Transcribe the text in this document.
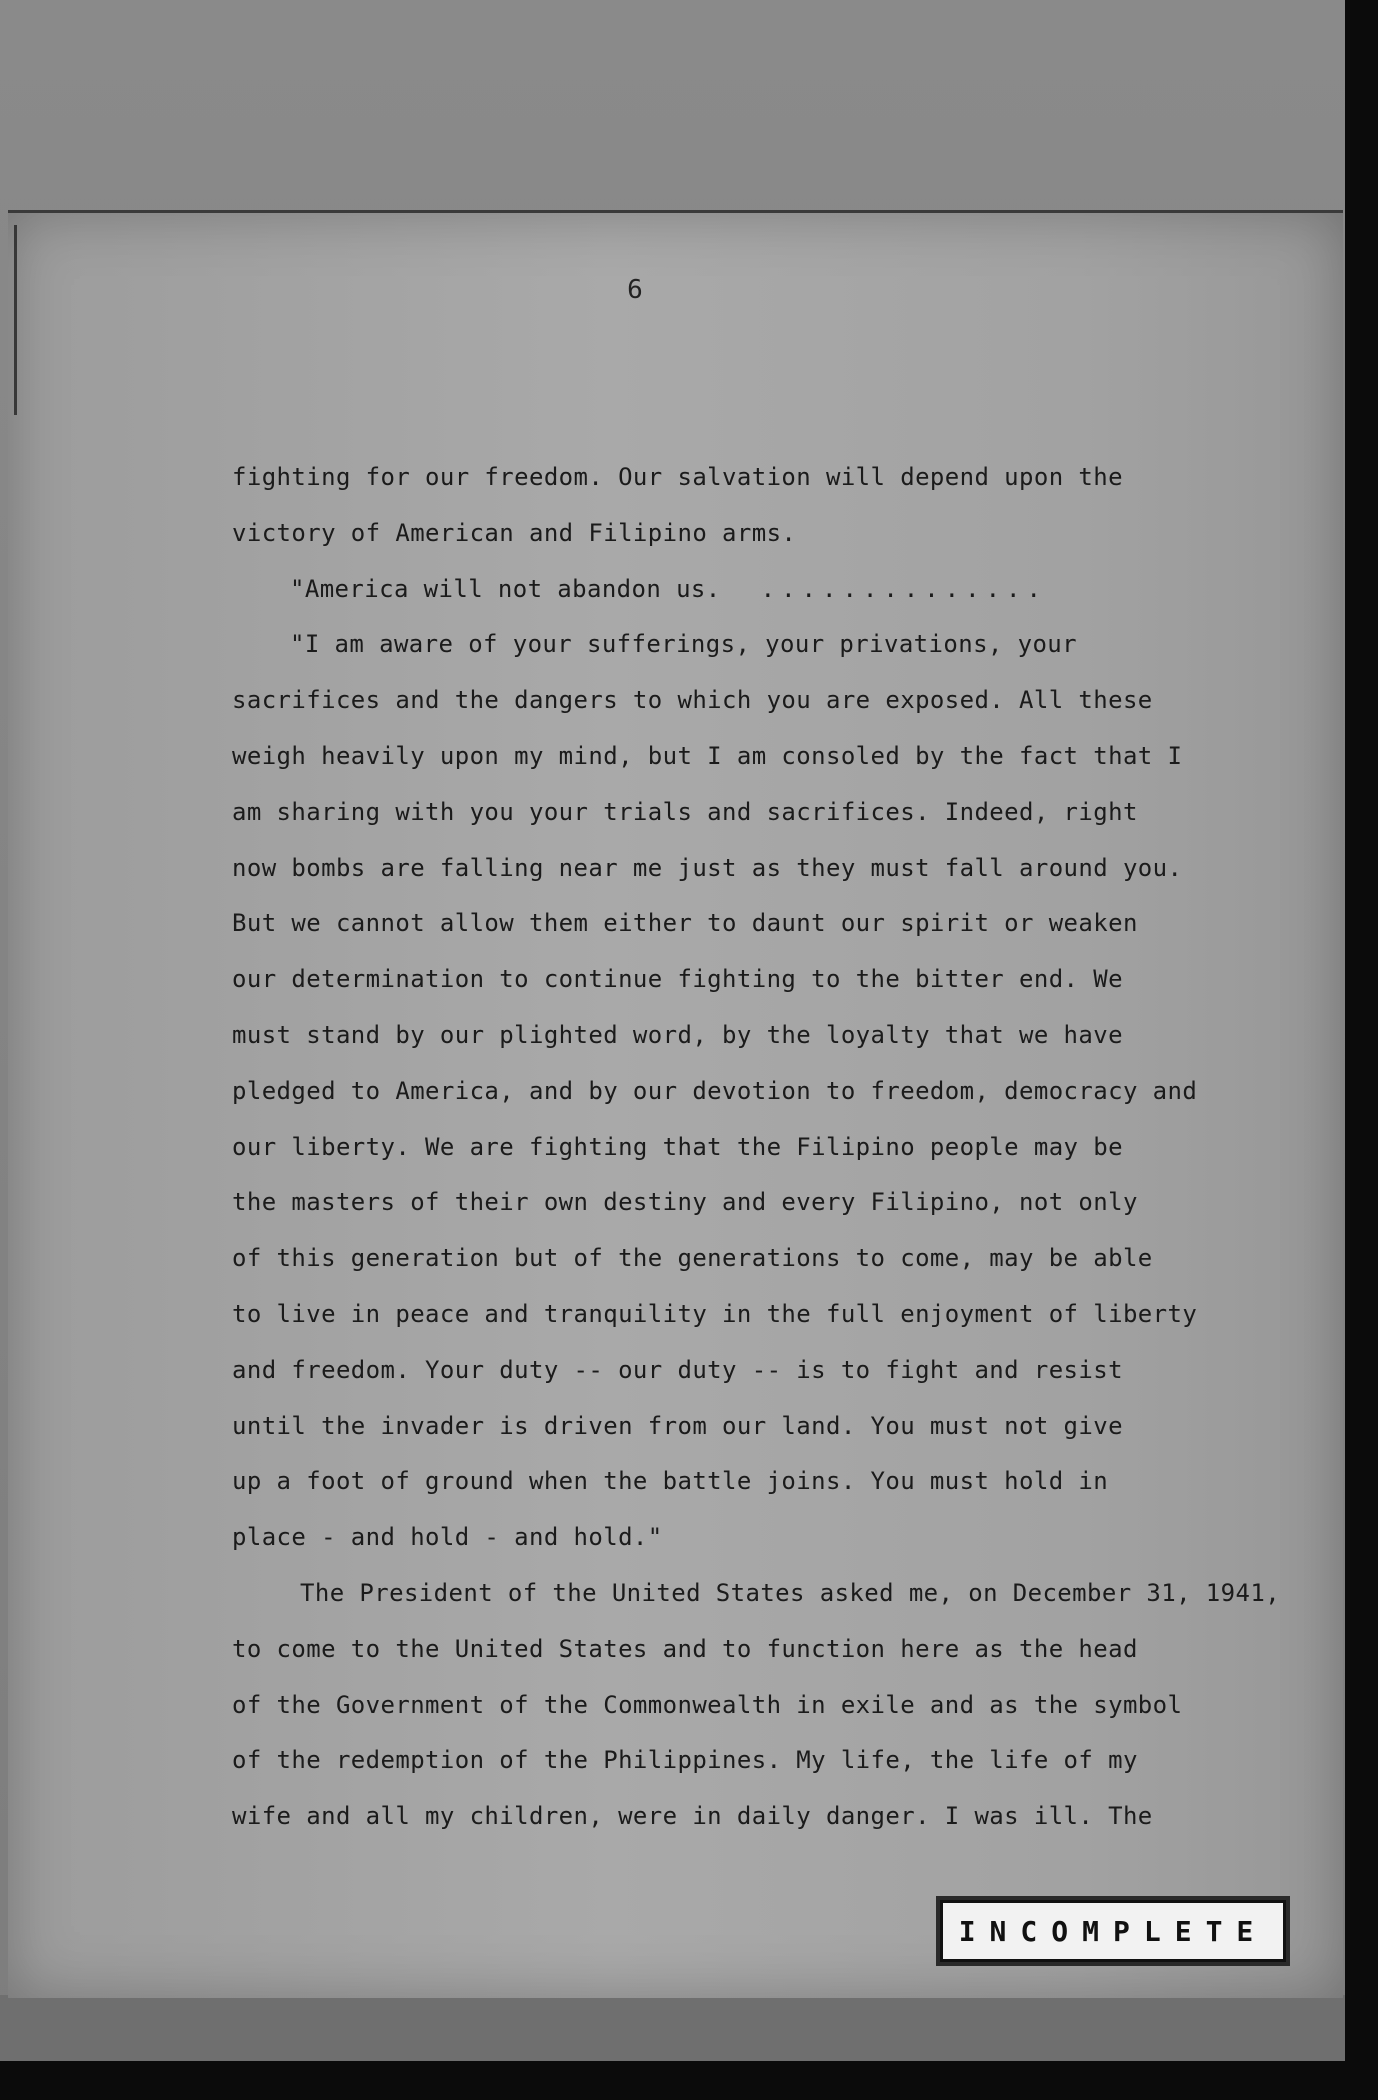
6
fighting for our freedom. Our salvation will depend upon the
victory of American and Filipino arms.
"America will not abandon us. ..............
"I am aware of your sufferings, your privations, your
sacrifices and the dangers to which you are exposed. All these
weigh heavily upon my mind, but I am consoled by the fact that I
am sharing with you your trials and sacrifices. Indeed, right
now bombs are falling near me just as they must fall around you.
But we cannot allow them either to daunt our spirit or weaken
our determination to continue fighting to the bitter end. We
must stand by our plighted word, by the loyalty that we have
pledged to America, and by our devotion to freedom, democracy and
our liberty. We are fighting that the Filipino people may be
the masters of their own destiny and every Filipino, not only
of this generation but of the generations to come, may be able
to live in peace and tranquility in the full enjoyment of liberty
and freedom. Your duty -- our duty -- is to fight and resist
until the invader is driven from our land. You must not give
up a foot of ground when the battle joins. You must hold in
place - and hold - and hold."
The President of the United States asked me, on December 31, 1941,
to come to the United States and to function here as the head
of the Government of the Commonwealth in exile and as the symbol
of the redemption of the Philippines. My life, the life of my
wife and all my children, were in daily danger. I was ill. The
INCOMPLETE
